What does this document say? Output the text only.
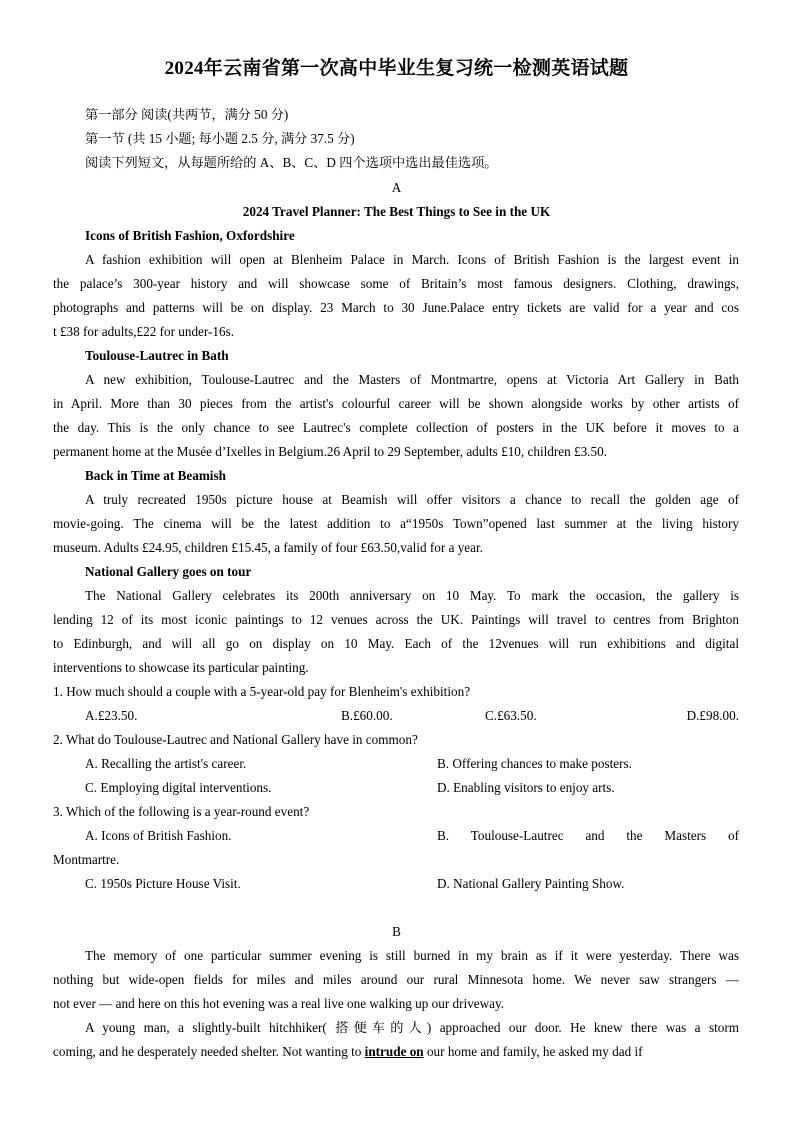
2024年云南省第一次高中毕业生复习统一检测英语试题
第一部分 阅读(共两节，满分 50 分)
第一节 (共 15 小题; 每小题 2.5 分, 满分 37.5 分)
阅读下列短文，从每题所给的 A、B、C、D 四个选项中选出最佳选项。
A
2024 Travel Planner: The Best Things to See in the UK
Icons of British Fashion, Oxfordshire
A fashion exhibition will open at Blenheim Palace in March. Icons of British Fashion is the largest event in
the palace’s 300-year history and will showcase some of Britain’s most famous designers. Clothing, drawings,
photographs and patterns will be on display. 23 March to 30 June.Palace entry tickets are valid for a year and cos
t £38 for adults,£22 for under-16s.
Toulouse-Lautrec in Bath
A new exhibition, Toulouse-Lautrec and the Masters of Montmartre, opens at Victoria Art Gallery in Bath
in April. More than 30 pieces from the artist's colourful career will be shown alongside works by other artists of
the day. This is the only chance to see Lautrec's complete collection of posters in the UK before it moves to a
permanent home at the Musée d’Ixelles in Belgium.26 April to 29 September, adults £10, children £3.50.
Back in Time at Beamish
A truly recreated 1950s picture house at Beamish will offer visitors a chance to recall the golden age of
movie-going. The cinema will be the latest addition to a“1950s Town”opened last summer at the living history
museum. Adults £24.95, children £15.45, a family of four £63.50,valid for a year.
National Gallery goes on tour
The National Gallery celebrates its 200th anniversary on 10 May. To mark the occasion, the gallery is
lending 12 of its most iconic paintings to 12 venues across the UK. Paintings will travel to centres from Brighton
to Edinburgh, and will all go on display on 10 May. Each of the 12venues will run exhibitions and digital
interventions to showcase its particular painting.
1. How much should a couple with a 5-year-old pay for Blenheim's exhibition?
A.£23.50.	B.£60.00.	C.£63.50.	D.£98.00.
2. What do Toulouse-Lautrec and National Gallery have in common?
A. Recalling the artist's career.	B. Offering chances to make posters.
C. Employing digital interventions.	D. Enabling visitors to enjoy arts.
3. Which of the following is a year-round event?
A. Icons of British Fashion.	B. Toulouse-Lautrec and the Masters of
Montmartre.
C. 1950s Picture House Visit.	D. National Gallery Painting Show.
B
The memory of one particular summer evening is still burned in my brain as if it were yesterday. There was
nothing but wide-open fields for miles and miles around our rural Minnesota home. We never saw strangers —
not ever — and here on this hot evening was a real live one walking up our driveway.
A young man, a slightly-built hitchhiker( 搭便车的人) approached our door. He knew there was a storm
coming, and he desperately needed shelter. Not wanting to intrude on our home and family, he asked my dad if
